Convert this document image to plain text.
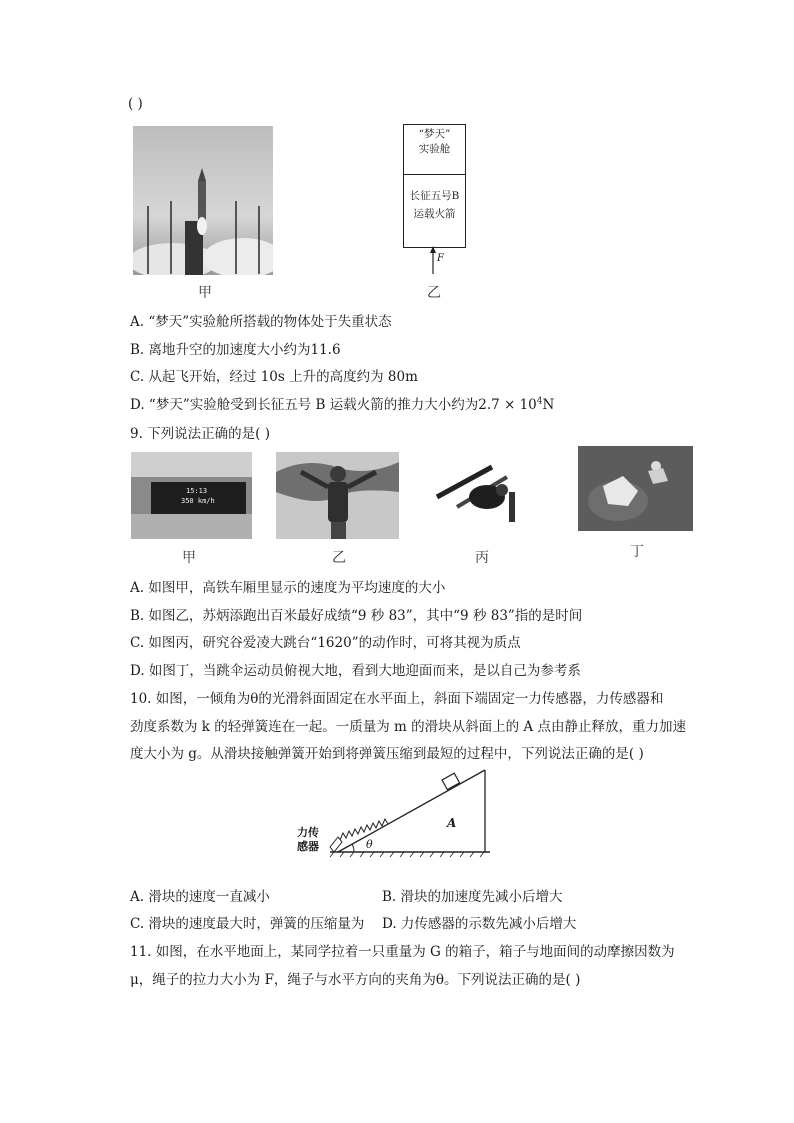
( )
甲
“梦天”
实验舱
长征五号B
运载火箭
F
乙
A. “梦天”实验舱所搭载的物体处于失重状态
B. 离地升空的加速度大小约为11.6
C. 从起飞开始，经过 10s 上升的高度约为 80m
D. “梦天”实验舱受到长征五号 B 运载火箭的推力大小约为$2.7 \times 10^4N$
9. 下列说法正确的是( )
15:13
350 km/h
甲	乙	丙	丁
A. 如图甲，高铁车厢里显示的速度为平均速度的大小
B. 如图乙，苏炳添跑出百米最好成绩“9 秒 83”，其中“9 秒 83”指的是时间
C. 如图丙，研究谷爱凌大跳台“1620”的动作时，可将其视为质点
D. 如图丁，当跳伞运动员俯视大地，看到大地迎面而来，是以自己为参考系
10. 如图，一倾角为θ的光滑斜面固定在水平面上，斜面下端固定一力传感器，力传感器和
劲度系数为 k 的轻弹簧连在一起。一质量为 m 的滑块从斜面上的 A 点由静止释放，重力加速
度大小为 g。从滑块接触弹簧开始到将弹簧压缩到最短的过程中，下列说法正确的是( )
A
力传
感器	θ
A. 滑块的速度一直减小	B. 滑块的加速度先减小后增大
C. 滑块的速度最大时，弹簧的压缩量为 D. 力传感器的示数先减小后增大
11. 如图，在水平地面上，某同学拉着一只重量为 G 的箱子，箱子与地面间的动摩擦因数为
μ，绳子的拉力大小为 F，绳子与水平方向的夹角为θ。下列说法正确的是( )
